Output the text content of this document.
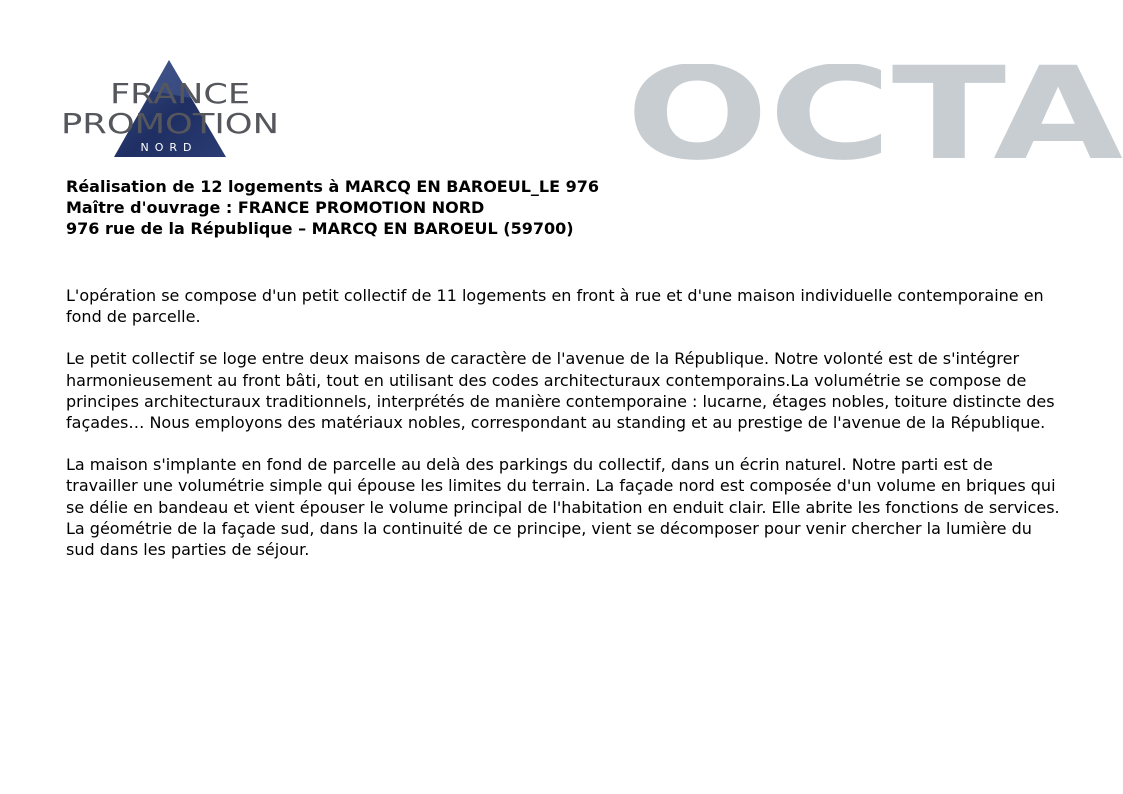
FRANCE
PROMOTION
NORD	OCTA
Réalisation de 12 logements à MARCQ EN BAROEUL_LE 976
Maître d'ouvrage : FRANCE PROMOTION NORD
976 rue de la République – MARCQ EN BAROEUL (59700)

L'opération se compose d'un petit collectif de 11 logements en front à rue et d'une maison individuelle contemporaine en fond de parcelle.

Le petit collectif se loge entre deux maisons de caractère de l'avenue de la République. Notre volonté est de s'intégrer harmonieusement au front bâti, tout en utilisant des codes architecturaux contemporains.La volumétrie se compose de principes architecturaux traditionnels, interprétés de manière contemporaine : lucarne, étages nobles, toiture distincte des façades… Nous employons des matériaux nobles, correspondant au standing et au prestige de l'avenue de la République.

La maison s'implante en fond de parcelle au delà des parkings du collectif, dans un écrin naturel. Notre parti est de travailler une volumétrie simple qui épouse les limites du terrain. La façade nord est composée d'un volume en briques qui se délie en bandeau et vient épouser le volume principal de l'habitation en enduit clair. Elle abrite les fonctions de services. La géométrie de la façade sud, dans la continuité de ce principe, vient se décomposer pour venir chercher la lumière du sud dans les parties de séjour.
